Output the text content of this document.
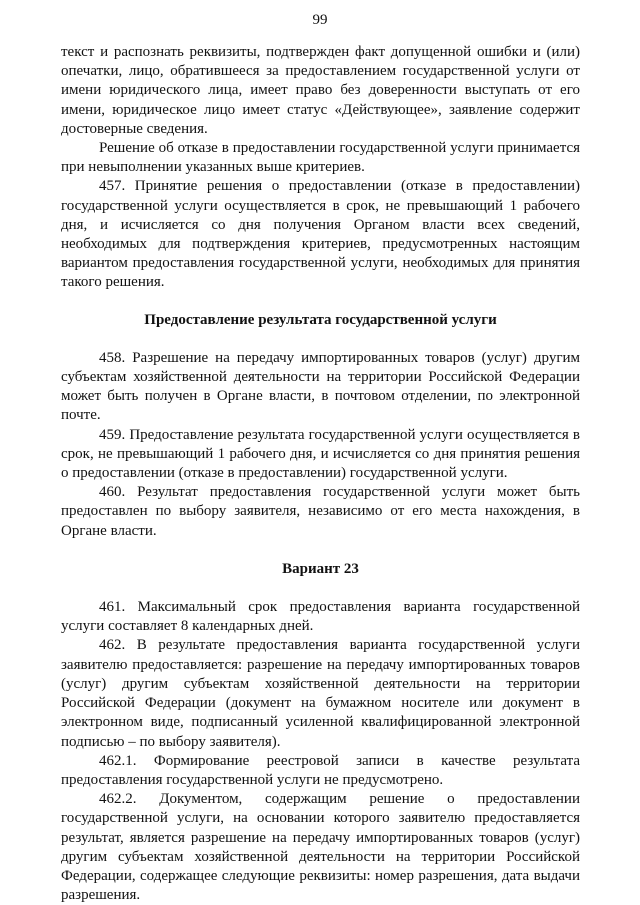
99

текст и распознать реквизиты, подтвержден факт допущенной ошибки и (или) опечатки, лицо, обратившееся за предоставлением государственной услуги от имени юридического лица, имеет право без доверенности выступать от его имени, юридическое лицо имеет статус «Действующее», заявление содержит достоверные сведения.

Решение об отказе в предоставлении государственной услуги принимается при невыполнении указанных выше критериев.

457. Принятие решения о предоставлении (отказе в предоставлении) государственной услуги осуществляется в срок, не превышающий 1 рабочего дня, и исчисляется со дня получения Органом власти всех сведений, необходимых для подтверждения критериев, предусмотренных настоящим вариантом предоставления государственной услуги, необходимых для принятия такого решения.

Предоставление результата государственной услуги

458. Разрешение на передачу импортированных товаров (услуг) другим субъектам хозяйственной деятельности на территории Российской Федерации может быть получен в Органе власти, в почтовом отделении, по электронной почте.

459. Предоставление результата государственной услуги осуществляется в срок, не превышающий 1 рабочего дня, и исчисляется со дня принятия решения о предоставлении (отказе в предоставлении) государственной услуги.

460. Результат предоставления государственной услуги может быть предоставлен по выбору заявителя, независимо от его места нахождения, в Органе власти.

Вариант 23

461. Максимальный срок предоставления варианта государственной услуги составляет 8 календарных дней.

462. В результате предоставления варианта государственной услуги заявителю предоставляется: разрешение на передачу импортированных товаров (услуг) другим субъектам хозяйственной деятельности на территории Российской Федерации (документ на бумажном носителе или документ в электронном виде, подписанный усиленной квалифицированной электронной подписью – по выбору заявителя).

462.1. Формирование реестровой записи в качестве результата предоставления государственной услуги не предусмотрено.

462.2. Документом, содержащим решение о предоставлении государственной услуги, на основании которого заявителю предоставляется результат, является разрешение на передачу импортированных товаров (услуг) другим субъектам хозяйственной деятельности на территории Российской Федерации, содержащее следующие реквизиты: номер разрешения, дата выдачи разрешения.
